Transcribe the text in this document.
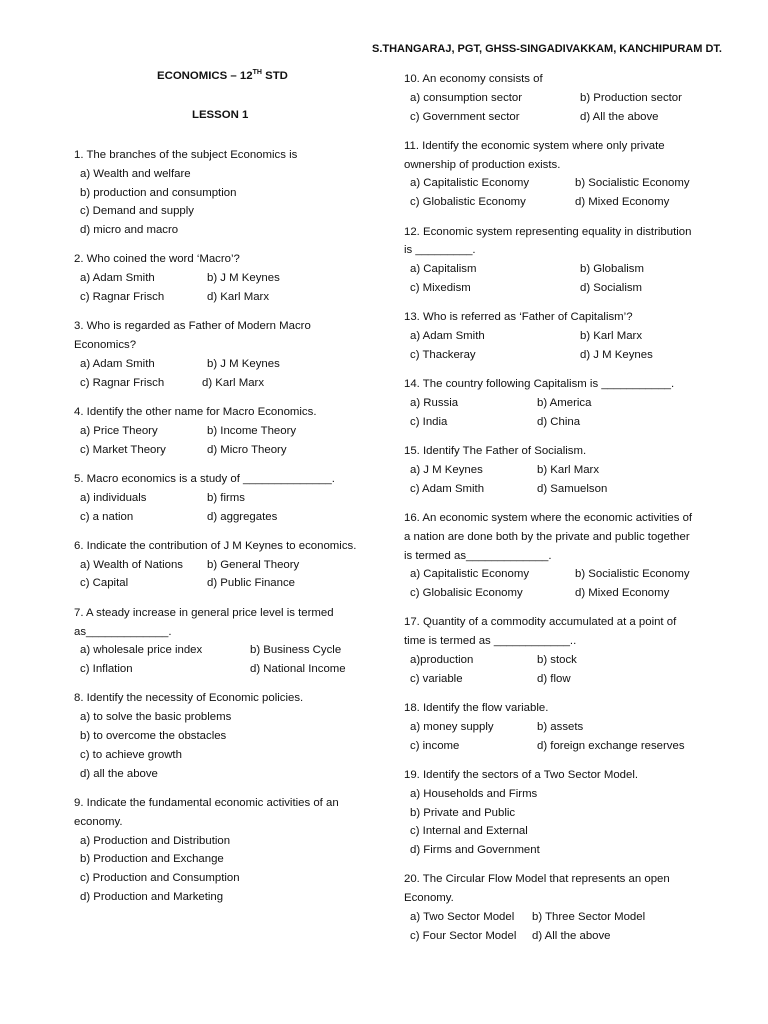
S.THANGARAJ, PGT, GHSS-SINGADIVAKKAM, KANCHIPURAM DT.
ECONOMICS – 12TH STD
LESSON 1
1. The branches of the subject Economics is
a) Wealth and welfare
b) production and consumption
c) Demand and supply
d) micro and macro
2. Who coined the word ‘Macro’?
a) Adam Smith	b) J M Keynes
c) Ragnar Frisch	d) Karl Marx
3. Who is regarded as Father of Modern Macro Economics?
a) Adam Smith	b) J M Keynes
c) Ragnar Frisch	d) Karl Marx
4. Identify the other name for Macro Economics.
a) Price Theory	b) Income Theory
c) Market Theory	d) Micro Theory
5. Macro economics is a study of ______________.
a) individuals	b) firms
c) a nation	d) aggregates
6. Indicate the contribution of J M Keynes to economics.
a) Wealth of Nations	b) General Theory
c) Capital	d) Public Finance
7. A steady increase in general price level is termed as_____________.
a) wholesale price index	b) Business Cycle
c) Inflation	d) National Income
8. Identify the necessity of Economic policies.
a) to solve the basic problems
b) to overcome the obstacles
c) to achieve growth
d) all the above
9. Indicate the fundamental economic activities of an economy.
a) Production and Distribution
b) Production and Exchange
c) Production and Consumption
d) Production and Marketing
10. An economy consists of
a) consumption sector	b) Production sector
c) Government sector	d) All the above
11. Identify the economic system where only private ownership of production exists.
a) Capitalistic Economy	b) Socialistic Economy
c) Globalistic Economy	d) Mixed Economy
12. Economic system representing equality in distribution is _________.
a) Capitalism	b) Globalism
c) Mixedism	d) Socialism
13. Who is referred as ‘Father of Capitalism’?
a) Adam Smith	b) Karl Marx
c) Thackeray	d) J M Keynes
14. The country following Capitalism is ___________.
a) Russia	b) America
c) India	d) China
15. Identify The Father of Socialism.
a) J M Keynes	b) Karl Marx
c) Adam Smith	d) Samuelson
16. An economic system where the economic activities of a nation are done both by the private and public together is termed as_____________.
a) Capitalistic Economy	b) Socialistic Economy
c) Globalisic Economy	d) Mixed Economy
17. Quantity of a commodity accumulated at a point of time is termed as ____________..
a)production	b) stock
c) variable	d) flow
18. Identify the flow variable.
a) money supply	b) assets
c) income	d) foreign exchange reserves
19. Identify the sectors of a Two Sector Model.
a) Households and Firms
b) Private and Public
c) Internal and External
d) Firms and Government
20. The Circular Flow Model that represents an open Economy.
a) Two Sector Model	b) Three Sector Model
c) Four Sector Model	d) All the above
